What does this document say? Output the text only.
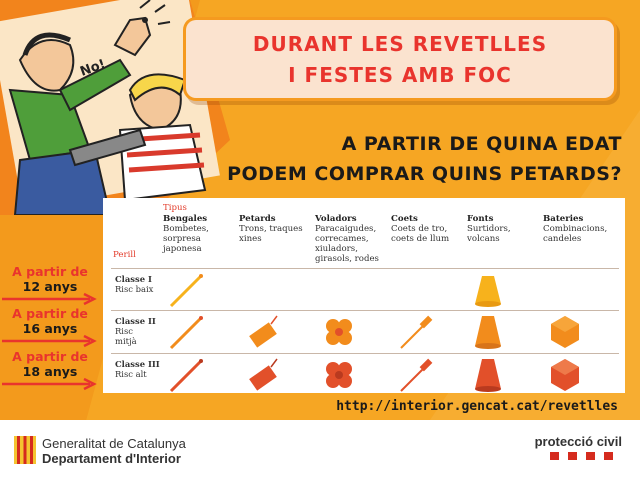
No!
DURANT LES REVETLLES
I FESTES AMB FOC
A PARTIR DE QUINA EDAT
PODEM COMPRAR QUINS PETARDS?
Tipus
Perill
Bengales
Bombetes,
sorpresa
japonesa
Petards
Trons, traques
xines
Voladors
Paracaigudes,
correcames,
xiuladors,
girasols, rodes
Coets
Coets de tro,
coets de llum
Fonts
Surtidors,
volcans
Bateries
Combinacions,
candeles
Classe I
Risc baix
Classe II
Risc
mitjà
Classe III
Risc alt
A partir de
12 anys
A partir de
16 anys
A partir de
18 anys
http://interior.gencat.cat/revetlles
Generalitat de Catalunya
Departament d'Interior
protecció civil
